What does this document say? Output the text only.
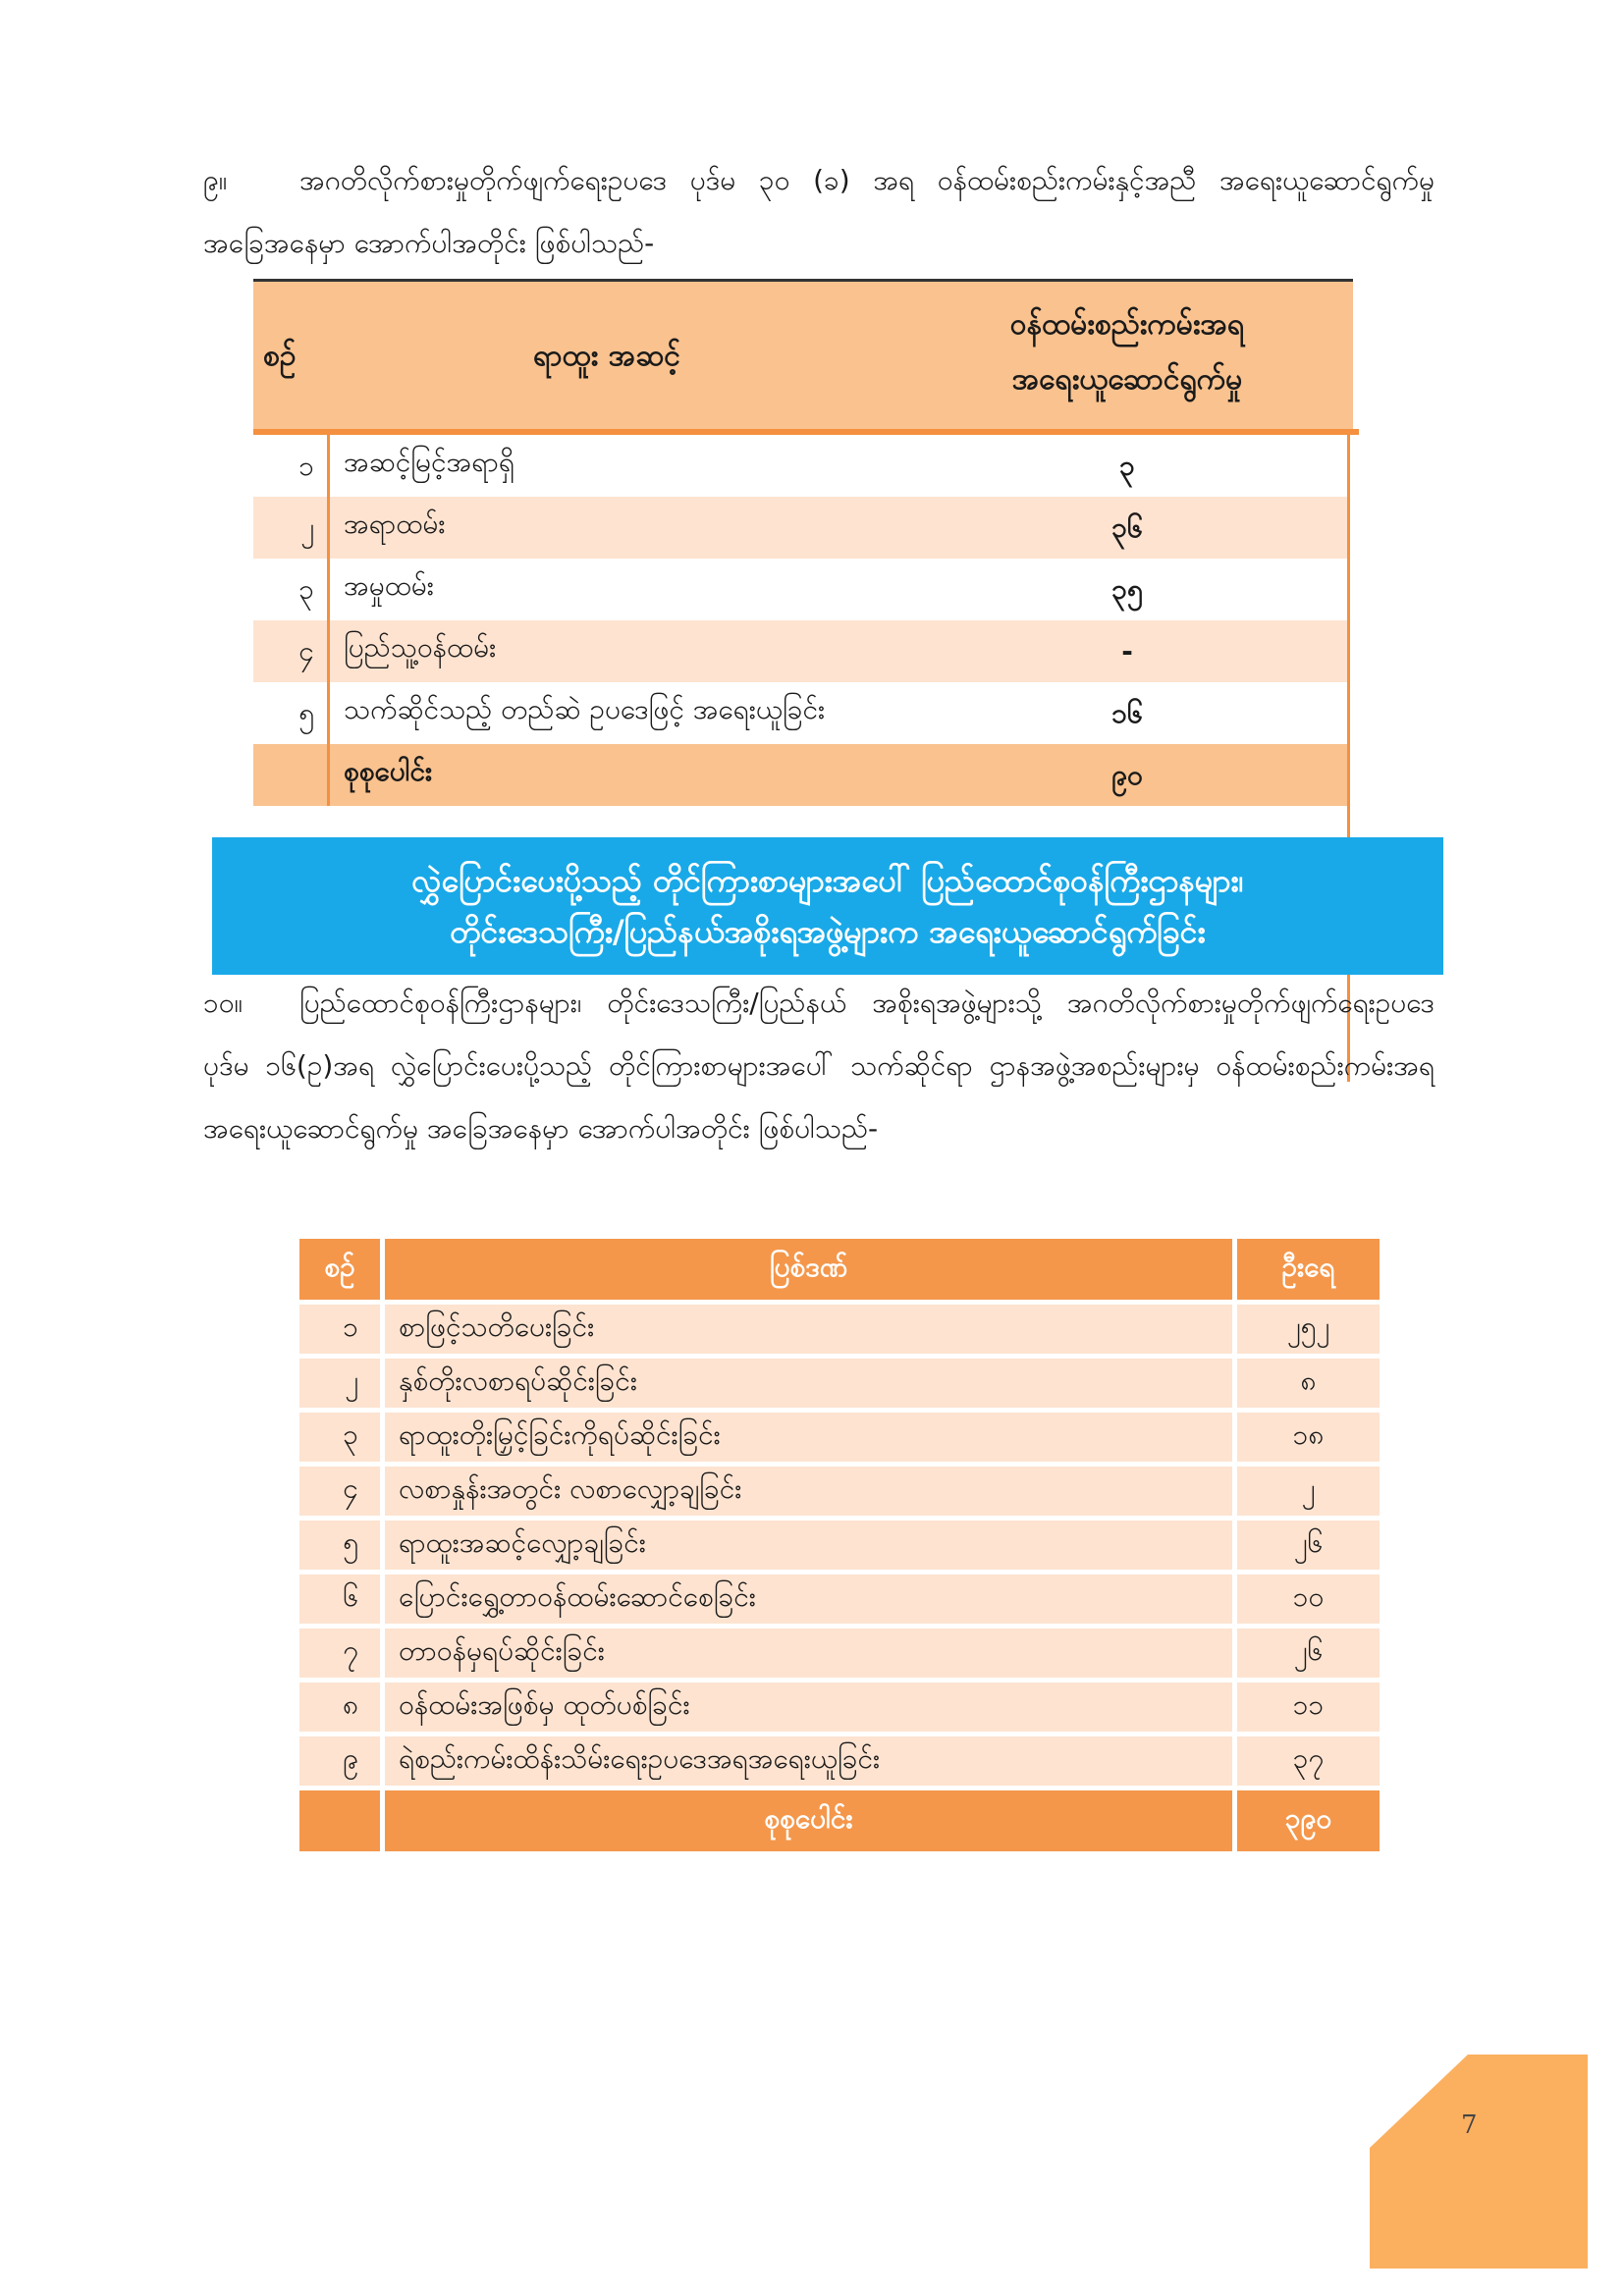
၉။	အဂတိလိုက်စားမှုတိုက်ဖျက်ရေးဥပဒေ ပုဒ်မ ၃၀ (ခ) အရ ဝန်ထမ်းစည်းကမ်းနှင့်အညီ အရေးယူဆောင်ရွက်မှု အခြေအနေမှာ အောက်ပါအတိုင်း ဖြစ်ပါသည်-
စဉ်	ရာထူး အဆင့်
ဝန်ထမ်းစည်းကမ်းအရ
အရေးယူဆောင်ရွက်မှု
၁ အဆင့်မြင့်အရာရှိ	၃
၂ အရာထမ်း	၃၆
၃ အမှုထမ်း	၃၅
၄ ပြည်သူ့ဝန်ထမ်း	-
၅ သက်ဆိုင်သည့် တည်ဆဲ ဥပဒေဖြင့် အရေးယူခြင်း	၁၆
စုစုပေါင်း	၉၀
လွှဲပြောင်းပေးပို့သည့် တိုင်ကြားစာများအပေါ် ပြည်ထောင်စုဝန်ကြီးဌာနများ၊
တိုင်းဒေသကြီး/ပြည်နယ်အစိုးရအဖွဲ့များက အရေးယူဆောင်ရွက်ခြင်း
၁၀။ ပြည်ထောင်စုဝန်ကြီးဌာနများ၊ တိုင်းဒေသကြီး/ပြည်နယ် အစိုးရအဖွဲ့များသို့ အဂတိလိုက်စားမှုတိုက်ဖျက်ရေးဥပဒေ ပုဒ်မ ၁၆(ဥ)အရ လွှဲပြောင်းပေးပို့သည့် တိုင်ကြားစာများအပေါ် သက်ဆိုင်ရာ ဌာနအဖွဲ့အစည်းများမှ ဝန်ထမ်းစည်းကမ်းအရ အရေးယူဆောင်ရွက်မှု အခြေအနေမှာ အောက်ပါအတိုင်း ဖြစ်ပါသည်-
စဉ်	ပြစ်ဒဏ်	ဦးရေ
၁	စာဖြင့်သတိပေးခြင်း	၂၅၂
၂	နှစ်တိုးလစာရပ်ဆိုင်းခြင်း	၈
၃	ရာထူးတိုးမြှင့်ခြင်းကိုရပ်ဆိုင်းခြင်း	၁၈
၄	လစာနှုန်းအတွင်း လစာလျှော့ချခြင်း	၂
၅	ရာထူးအဆင့်လျှော့ချခြင်း	၂၆
၆	ပြောင်းရွှေ့တာဝန်ထမ်းဆောင်စေခြင်း	၁၀
၇	တာဝန်မှရပ်ဆိုင်းခြင်း	၂၆
၈	ဝန်ထမ်းအဖြစ်မှ ထုတ်ပစ်ခြင်း	၁၁
၉	ရဲစည်းကမ်းထိန်းသိမ်းရေးဥပဒေအရအရေးယူခြင်း	၃၇
စုစုပေါင်း	၃၉၀
7
